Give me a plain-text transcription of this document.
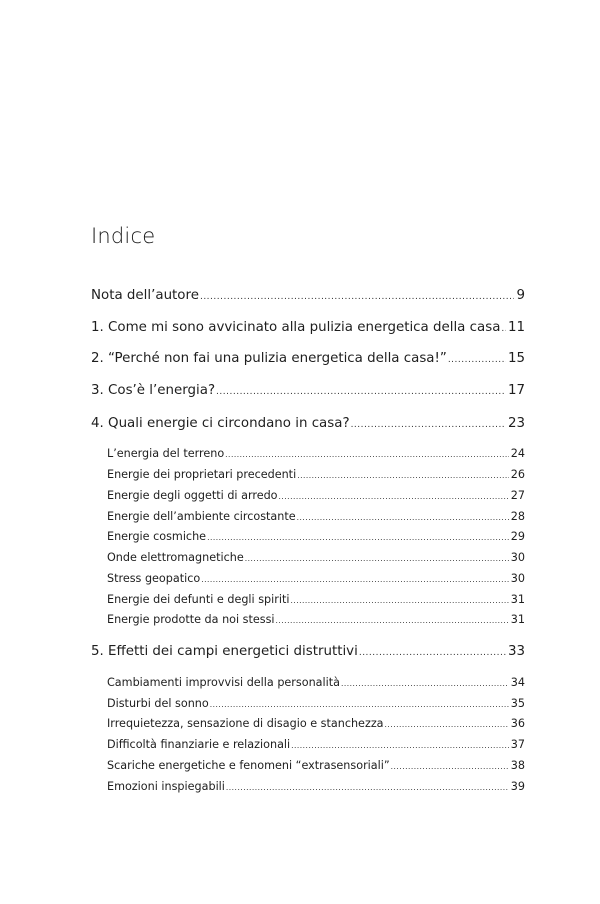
Indice
Nota dell’autore .....	9
1. Come mi sono avvicinato alla pulizia energetica della casa ..... 11
2. “Perché non fai una pulizia energetica della casa!” .....	15
3. Cos’è l’energia? .....	17
4. Quali energie ci circondano in casa? .....	23
L’energia del terreno .....	24
Energie dei proprietari precedenti .....	26
Energie degli oggetti di arredo .....	27
Energie dell’ambiente circostante .....	28
Energie cosmiche .....	29
Onde elettromagnetiche .....	30
Stress geopatico .....	30
Energie dei defunti e degli spiriti .....	31
Energie prodotte da noi stessi .....	31
5. Effetti dei campi energetici distruttivi .....	33
Cambiamenti improvvisi della personalità .....	34
Disturbi del sonno .....	35
Irrequietezza, sensazione di disagio e stanchezza .....	36
Difficoltà finanziarie e relazionali .....	37
Scariche energetiche e fenomeni “extrasensoriali” .....	38
Emozioni inspiegabili .....	39
